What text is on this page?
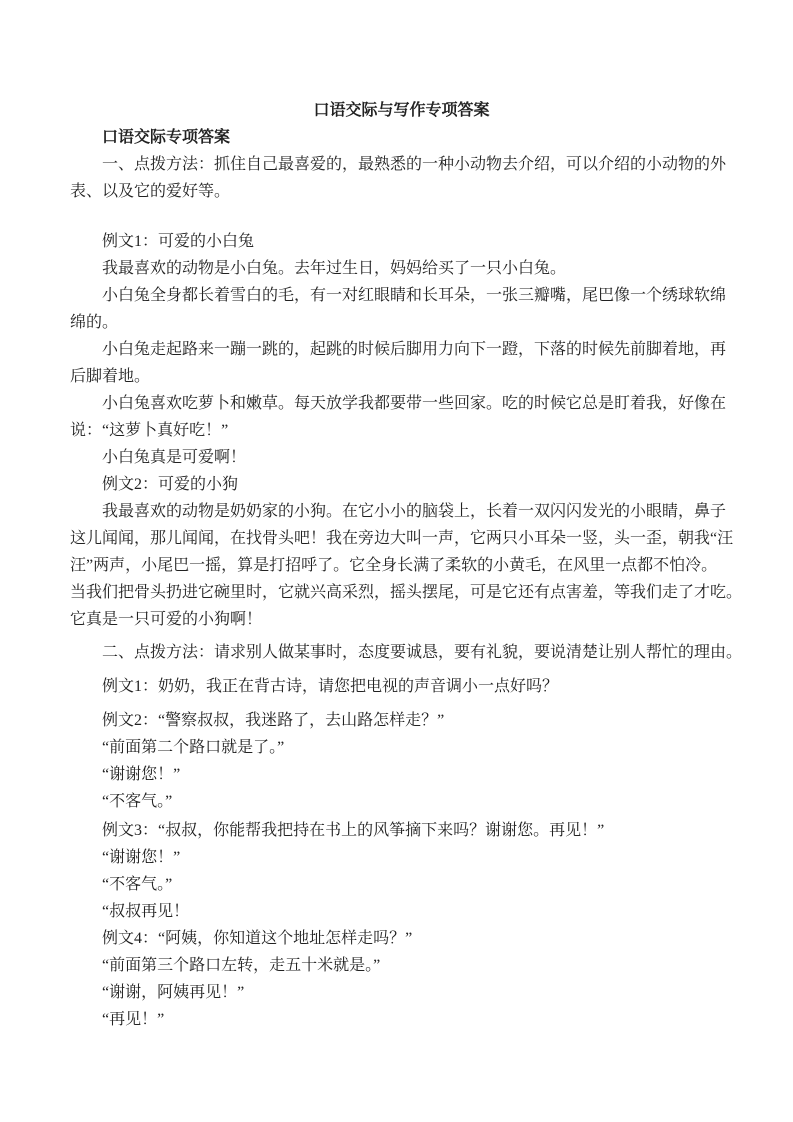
口语交际与写作专项答案
口语交际专项答案
一、点拨方法：抓住自己最喜爱的，最熟悉的一种小动物去介绍，可以介绍的小动物的外
表、以及它的爱好等。
例文1：可爱的小白兔
我最喜欢的动物是小白兔。去年过生日，妈妈给买了一只小白兔。
小白兔全身都长着雪白的毛，有一对红眼睛和长耳朵，一张三瓣嘴，尾巴像一个绣球软绵
绵的。
小白兔走起路来一蹦一跳的，起跳的时候后脚用力向下一蹬，下落的时候先前脚着地，再
后脚着地。
小白兔喜欢吃萝卜和嫩草。每天放学我都要带一些回家。吃的时候它总是盯着我，好像在
说：“这萝卜真好吃！”
小白兔真是可爱啊！
例文2：可爱的小狗
我最喜欢的动物是奶奶家的小狗。在它小小的脑袋上，长着一双闪闪发光的小眼睛，鼻子
这儿闻闻，那儿闻闻，在找骨头吧！我在旁边大叫一声，它两只小耳朵一竖，头一歪，朝我“汪
汪”两声，小尾巴一摇，算是打招呼了。它全身长满了柔软的小黄毛，在风里一点都不怕冷。
当我们把骨头扔进它碗里时，它就兴高采烈，摇头摆尾，可是它还有点害羞，等我们走了才吃。
它真是一只可爱的小狗啊！
二、点拨方法：请求别人做某事时，态度要诚恳，要有礼貌，要说清楚让别人帮忙的理由。
例文1：奶奶，我正在背古诗，请您把电视的声音调小一点好吗？
例文2：“警察叔叔，我迷路了，去山路怎样走？”
“前面第二个路口就是了。”
“谢谢您！”
“不客气。”
例文3：“叔叔，你能帮我把持在书上的风筝摘下来吗？谢谢您。再见！”
“谢谢您！”
“不客气。”
“叔叔再见！
例文4：“阿姨，你知道这个地址怎样走吗？”
“前面第三个路口左转，走五十米就是。”
“谢谢，阿姨再见！”
“再见！”
